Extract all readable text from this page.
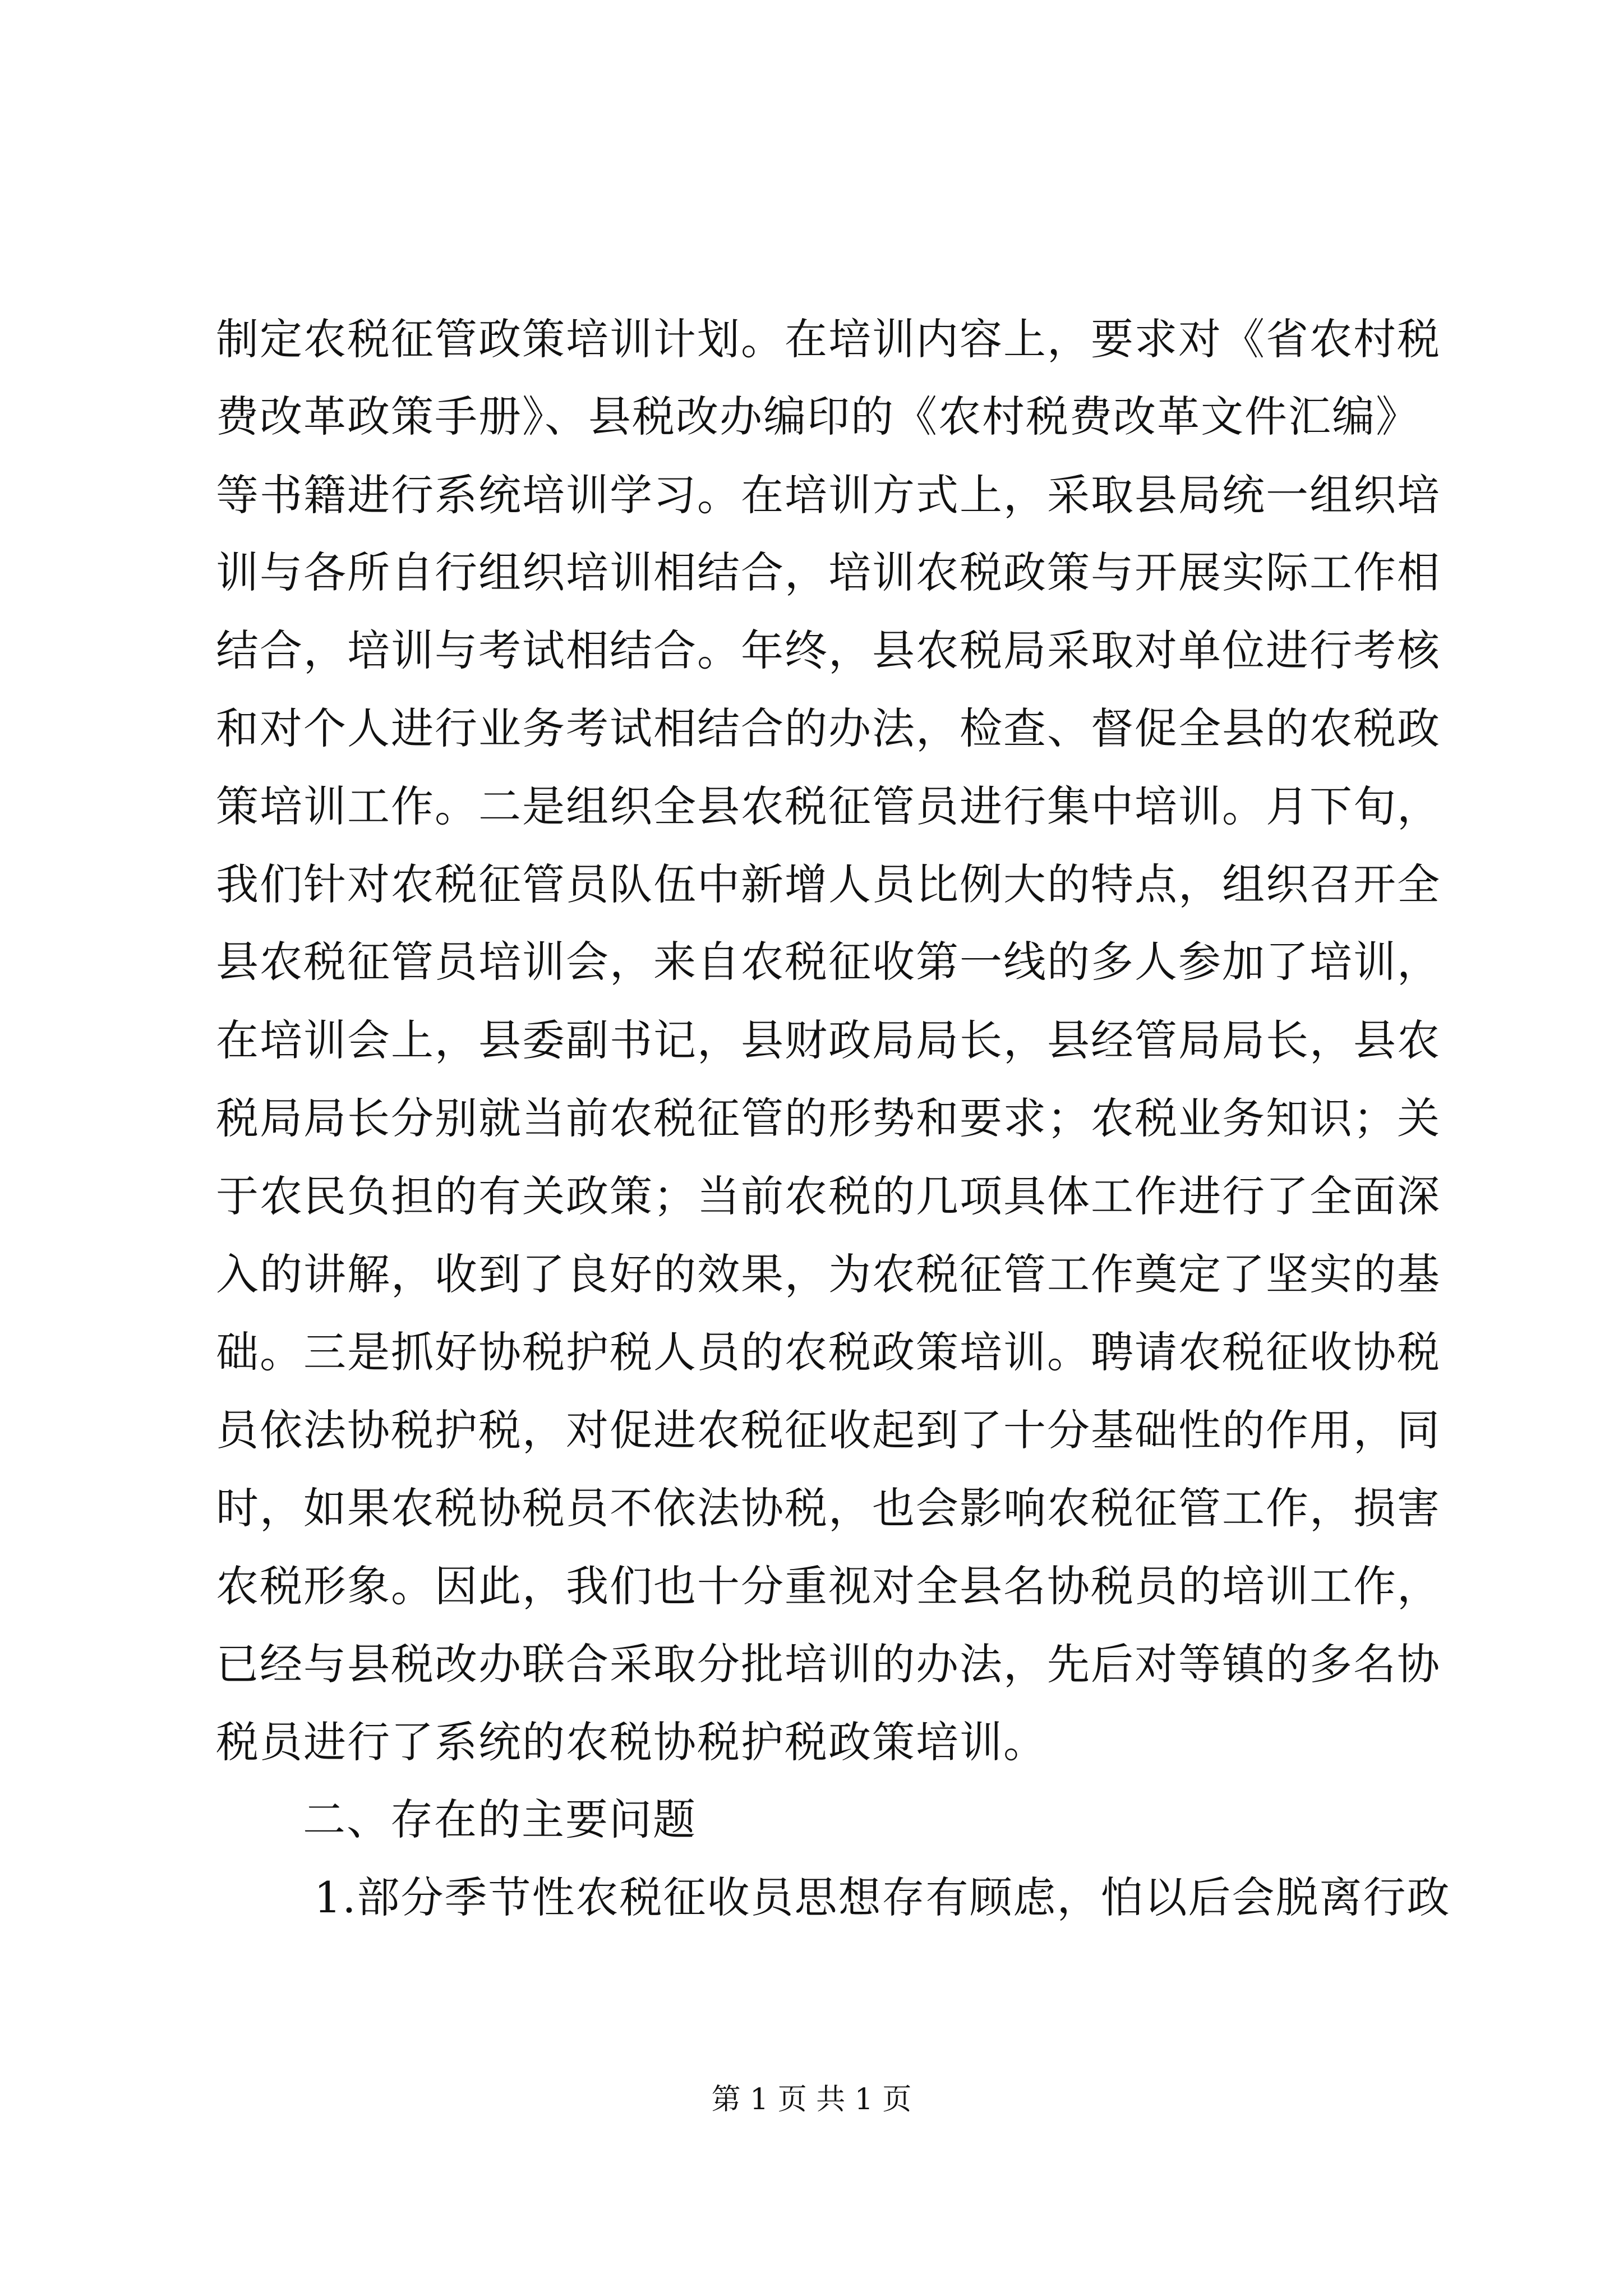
制定农税征管政策培训计划。在培训内容上，要求对《省农村税
费改革政策手册》、县税改办编印的《农村税费改革文件汇编》
等书籍进行系统培训学习。在培训方式上，采取县局统一组织培
训与各所自行组织培训相结合，培训农税政策与开展实际工作相
结合，培训与考试相结合。年终，县农税局采取对单位进行考核
和对个人进行业务考试相结合的办法，检查、督促全县的农税政
策培训工作。二是组织全县农税征管员进行集中培训。月下旬，
我们针对农税征管员队伍中新增人员比例大的特点，组织召开全
县农税征管员培训会，来自农税征收第一线的多人参加了培训，
在培训会上，县委副书记，县财政局局长，县经管局局长，县农
税局局长分别就当前农税征管的形势和要求；农税业务知识；关
于农民负担的有关政策；当前农税的几项具体工作进行了全面深
入的讲解，收到了良好的效果，为农税征管工作奠定了坚实的基
础。三是抓好协税护税人员的农税政策培训。聘请农税征收协税
员依法协税护税，对促进农税征收起到了十分基础性的作用，同
时，如果农税协税员不依法协税，也会影响农税征管工作，损害
农税形象。因此，我们也十分重视对全县名协税员的培训工作，
已经与县税改办联合采取分批培训的办法，先后对等镇的多名协
税员进行了系统的农税协税护税政策培训。
二、存在的主要问题
1.部分季节性农税征收员思想存有顾虑，怕以后会脱离行政
第 1 页 共 1 页
